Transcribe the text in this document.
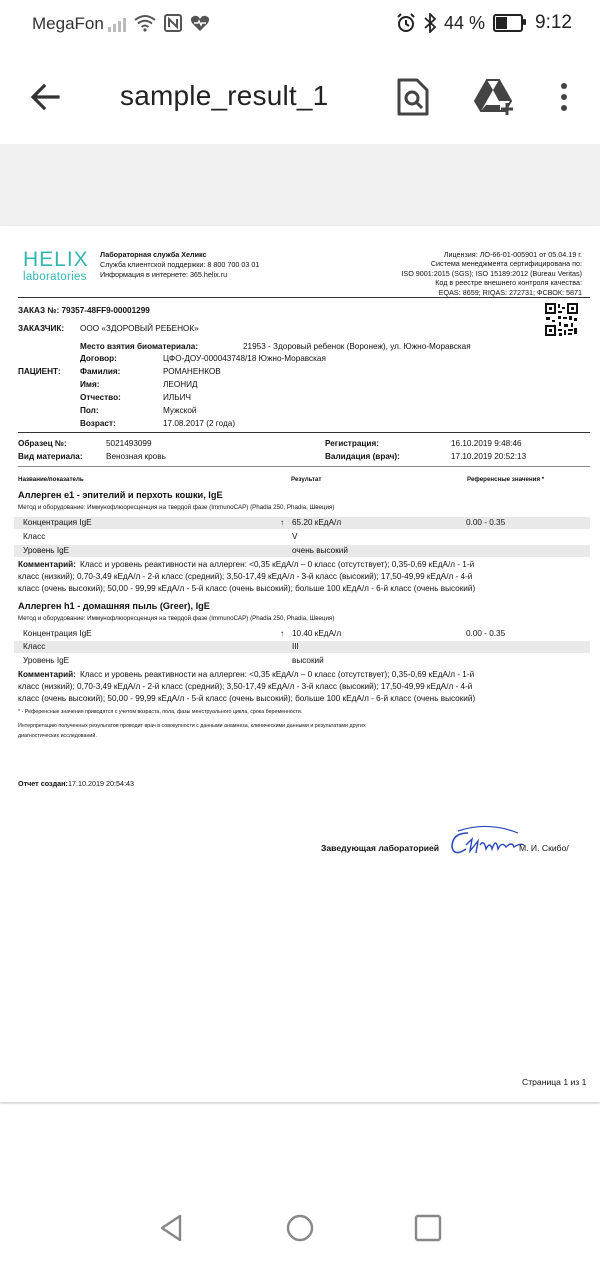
MegaFon	44 %	9:12
sample_result_1
HELIX
laboratories
Лабораторная служба Хеликс
Служба клиентской поддержки: 8 800 700 03 01
Информация в интернете: 365.helix.ru
Лицензия: ЛО-66-01-005901 от 05.04.19 г.
Система менеджмента сертифицирована по:
ISO 9001:2015 (SGS); ISO 15189:2012 (Bureau Veritas)
Код в реестре внешнего контроля качества:
EQAS: 8659; RIQAS: 272731; ФСВОК: 5871
ЗАКАЗ №: 79357-48FF9-00001299
ЗАКАЗЧИК: ООО «ЗДОРОВЫЙ РЕБЕНОК»
Место взятия биоматериала:	21953 - Здоровый ребенок (Воронеж), ул. Южно-Моравская
Договор:	ЦФО-ДОУ-000043748/18 Южно-Моравская
ПАЦИЕНТ: Фамилия:	РОМАНЕНКОВ
Имя:	ЛЕОНИД
Отчество:	ИЛЬИЧ
Пол:	Мужской
Возраст:	17.08.2017 (2 года)
Образец №:	5021493099	Регистрация:	16.10.2019 9:48:46
Вид материала:	Венозная кровь	Валидация (врач):	17.10.2019 20:52:13
Название/показатель	Результат	Референсные значения *
Аллерген e1 - эпителий и перхоть кошки, IgE
Метод и оборудование: Иммунофлюоресценция на твердой фазе (ImmunoCAP) (Phadia 250, Phadia, Швеция)
Концентрация IgE	↑ 65.20 кЕдА/л	0.00 - 0.35
Класс	V
Уровень IgE	очень высокий
Комментарий: Класс и уровень реактивности на аллерген: <0,35 кЕдА/л – 0 класс (отсутствует); 0,35-0,69 кЕдА/л - 1-й
класс (низкий); 0,70-3,49 кЕдА/л - 2-й класс (средний); 3,50-17,49 кЕдА/л - 3-й класс (высокий); 17,50-49,99 кЕдА/л - 4-й
класс (очень высокий); 50,00 - 99,99 кЕдА/л - 5-й класс (очень высокий); больше 100 кЕдА/л - 6-й класс (очень высокий)
Аллерген h1 - домашняя пыль (Greer), IgE
Метод и оборудование: Иммунофлюоресценция на твердой фазе (ImmunoCAP) (Phadia 250, Phadia, Швеция)
Концентрация IgE	↑ 10.40 кЕдА/л	0.00 - 0.35
Класс	III
Уровень IgE	высокий
Комментарий: Класс и уровень реактивности на аллерген: <0,35 кЕдА/л – 0 класс (отсутствует); 0,35-0,69 кЕдА/л - 1-й
класс (низкий); 0,70-3,49 кЕдА/л - 2-й класс (средний); 3,50-17,49 кЕдА/л - 3-й класс (высокий); 17,50-49,99 кЕдА/л - 4-й
класс (очень высокий); 50,00 - 99,99 кЕдА/л - 5-й класс (очень высокий); больше 100 кЕдА/л - 6-й класс (очень высокий)
* - Референсные значения приводятся с учетом возраста, пола, фазы менструального цикла, срока беременности.
Интерпретацию полученных результатов проводит врач в совокупности с данными анамнеза, клиническими данными и результатами других
диагностических исследований.
Отчет создан: 17.10.2019 20:54:43
Заведующая лабораторией	М. И. Скибо/
Страница 1 из 1
